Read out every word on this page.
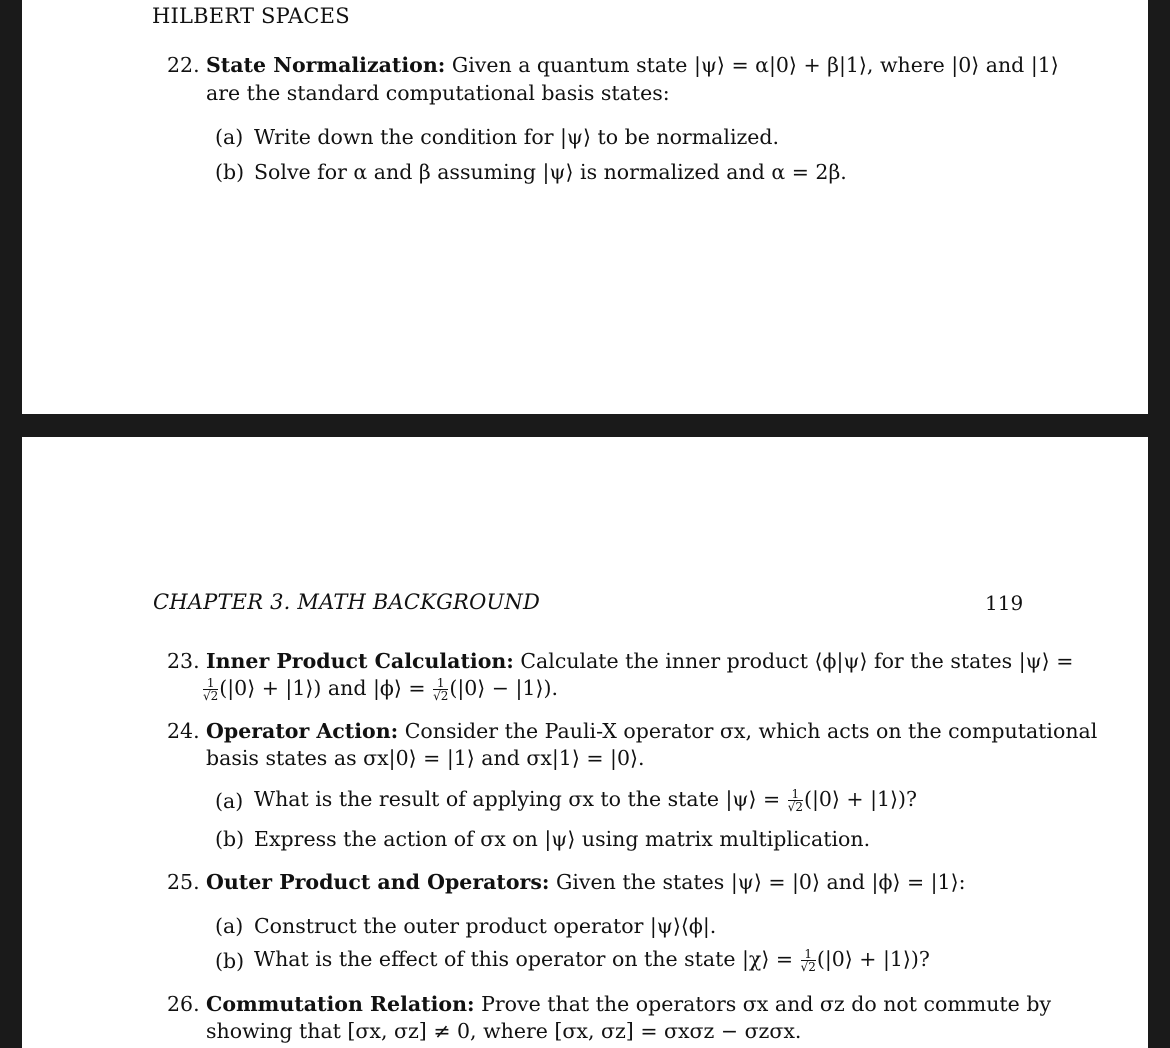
HILBERT SPACES
22. State Normalization: Given a quantum state |ψ⟩ = α|0⟩ + β|1⟩, where |0⟩ and |1⟩
are the standard computational basis states:
(a) Write down the condition for |ψ⟩ to be normalized.
(b) Solve for α and β assuming |ψ⟩ is normalized and α = 2β.
CHAPTER 3. MATH BACKGROUND	119
23. Inner Product Calculation: Calculate the inner product ⟨ϕ|ψ⟩ for the states |ψ⟩ =
$\frac{1}{√2}$ (|0⟩ + |1⟩) and |ϕ⟩ = $\frac{1}{√2}$ (|0⟩ − |1⟩).
24. Operator Action: Consider the Pauli-X operator σx, which acts on the computational
basis states as σx|0⟩ = |1⟩ and σx|1⟩ = |0⟩.
(a) What is the result of applying σx to the state |ψ⟩ = $\frac{1}{√2}$ (|0⟩ + |1⟩)?
(b) Express the action of σx on |ψ⟩ using matrix multiplication.
25. Outer Product and Operators: Given the states |ψ⟩ = |0⟩ and |ϕ⟩ = |1⟩:
(a) Construct the outer product operator |ψ⟩⟨ϕ|.
(b) What is the effect of this operator on the state |χ⟩ = $\frac{1}{√2}$ (|0⟩ + |1⟩)?
26. Commutation Relation: Prove that the operators σx and σz do not commute by
showing that [σx, σz] ≠ 0, where [σx, σz] = σxσz − σzσx.
